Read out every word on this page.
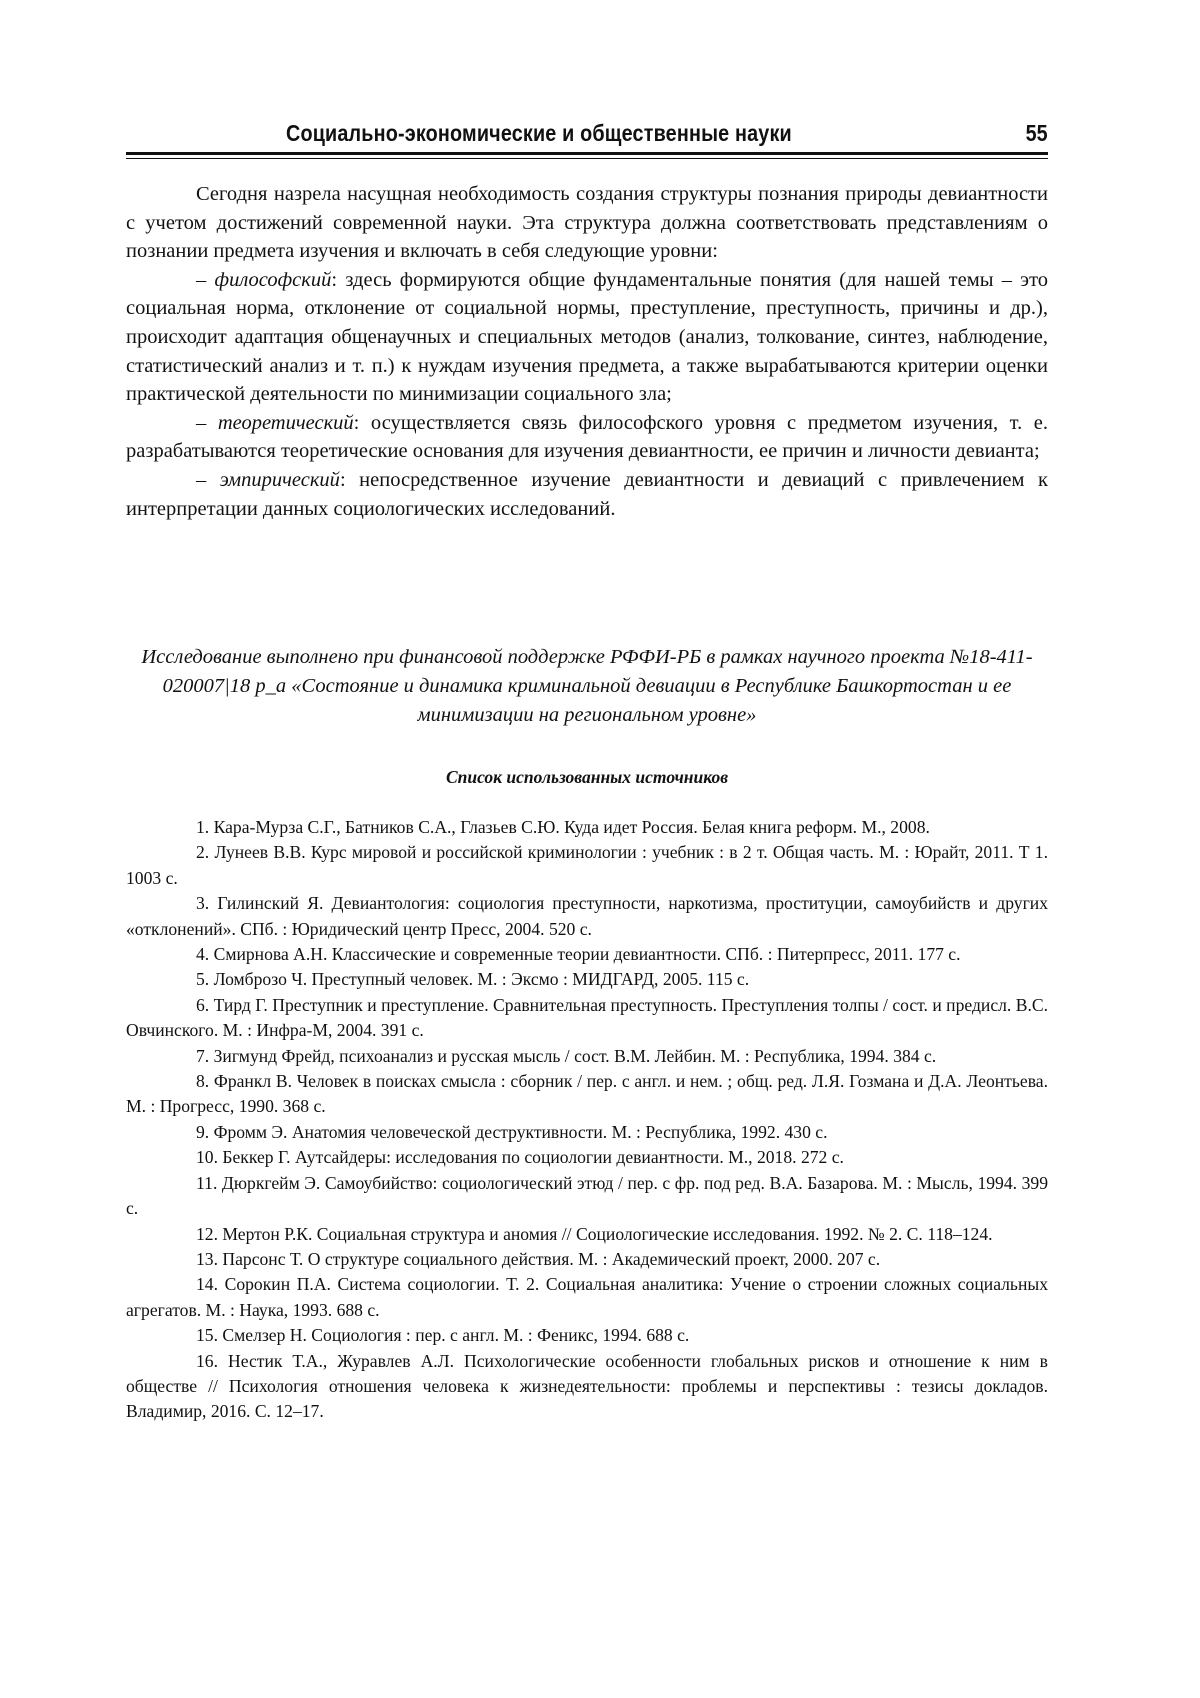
Социально-экономические и общественные науки	55

Сегодня назрела насущная необходимость создания структуры познания природы девиантности с учетом достижений современной науки. Эта структура должна соответствовать представлениям о познании предмета изучения и включать в себя следующие уровни:

– философский: здесь формируются общие фундаментальные понятия (для нашей темы – это социальная норма, отклонение от социальной нормы, преступление, преступность, причины и др.), происходит адаптация общенаучных и специальных методов (анализ, толкование, синтез, наблюдение, статистический анализ и т. п.) к нуждам изучения предмета, а также вырабатываются критерии оценки практической деятельности по минимизации социального зла;

– теоретический: осуществляется связь философского уровня с предметом изучения, т. е. разрабатываются теоретические основания для изучения девиантности, ее причин и личности девианта;

– эмпирический: непосредственное изучение девиантности и девиаций с привлечением к интерпретации данных социологических исследований.

Исследование выполнено при финансовой поддержке РФФИ-РБ в рамках научного проекта №18-411-020007|18 р_а «Состояние и динамика криминальной девиации в Республике Башкортостан и ее минимизации на региональном уровне»

Список использованных источников

1. Кара-Мурза С.Г., Батников С.А., Глазьев С.Ю. Куда идет Россия. Белая книга реформ. М., 2008.
2. Лунеев В.В. Курс мировой и российской криминологии : учебник : в 2 т. Общая часть. М. : Юрайт, 2011. Т 1. 1003 с.
3. Гилинский Я. Девиантология: социология преступности, наркотизма, проституции, самоубийств и других «отклонений». СПб. : Юридический центр Пресс, 2004. 520 с.
4. Смирнова А.Н. Классические и современные теории девиантности. СПб. : Питерпресс, 2011. 177 с.
5. Ломброзо Ч. Преступный человек. М. : Эксмо : МИДГАРД, 2005. 115 с.
6. Тирд Г. Преступник и преступление. Сравнительная преступность. Преступления толпы / сост. и предисл. В.С. Овчинского. М. : Инфра-М, 2004. 391 с.
7. Зигмунд Фрейд, психоанализ и русская мысль / сост. В.М. Лейбин. М. : Республика, 1994. 384 с.
8. Франкл В. Человек в поисках смысла : сборник / пер. с англ. и нем. ; общ. ред. Л.Я. Гозмана и Д.А. Леонтьева. М. : Прогресс, 1990. 368 с.
9. Фромм Э. Анатомия человеческой деструктивности. М. : Республика, 1992. 430 с.
10. Беккер Г. Аутсайдеры: исследования по социологии девиантности. М., 2018. 272 с.
11. Дюркгейм Э. Самоубийство: социологический этюд / пер. с фр. под ред. В.А. Базарова. М. : Мысль, 1994. 399 с.
12. Мертон Р.К. Социальная структура и аномия // Социологические исследования. 1992. № 2. С. 118–124.
13. Парсонс Т. О структуре социального действия. М. : Академический проект, 2000. 207 с.
14. Сорокин П.А. Система социологии. Т. 2. Социальная аналитика: Учение о строении сложных социальных агрегатов. М. : Наука, 1993. 688 с.
15. Смелзер Н. Социология : пер. с англ. М. : Феникс, 1994. 688 с.
16. Нестик Т.А., Журавлев А.Л. Психологические особенности глобальных рисков и отношение к ним в обществе // Психология отношения человека к жизнедеятельности: проблемы и перспективы : тезисы докладов. Владимир, 2016. С. 12–17.
